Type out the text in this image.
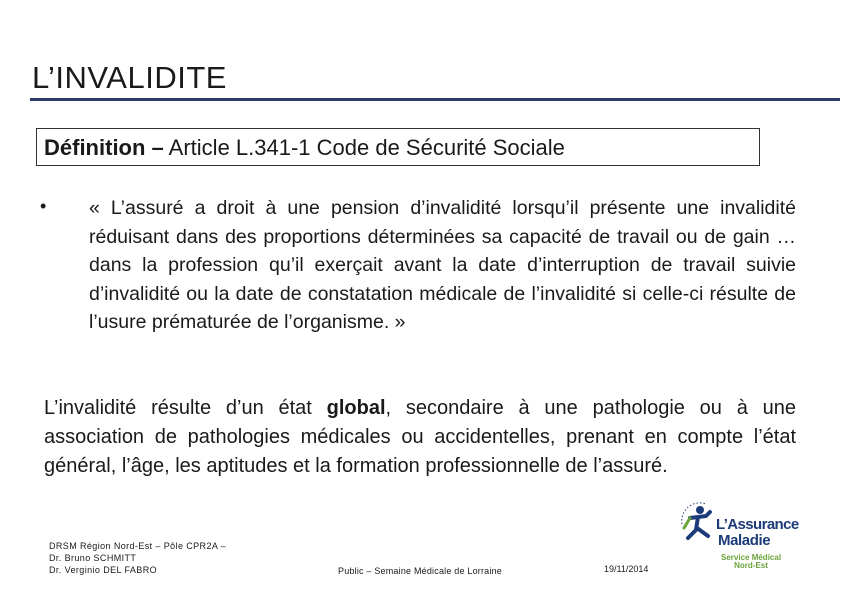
L’INVALIDITE
Définition – Article L.341-1 Code de Sécurité Sociale
• « L’assuré a droit à une pension d’invalidité lorsqu’il présente une invalidité réduisant dans des proportions déterminées sa capacité de travail ou de gain …dans la profession qu’il exerçait avant la date d’interruption de travail suivie d’invalidité ou la date de constatation médicale de l’invalidité si celle-ci résulte de l’usure prématurée de l’organisme. »
L’invalidité résulte d’un état global, secondaire à une pathologie ou à une association de pathologies médicales ou accidentelles, prenant en compte l’état général, l’âge, les aptitudes et la formation professionnelle de l’assuré.
DRSM Région Nord-Est – Pôle CPR2A –
Dr. Bruno SCHMITT
Dr. Verginio DEL FABRO	Public – Semaine Médicale de Lorraine	19/11/2014
L’Assurance
Maladie
Service Médical
Nord-Est
